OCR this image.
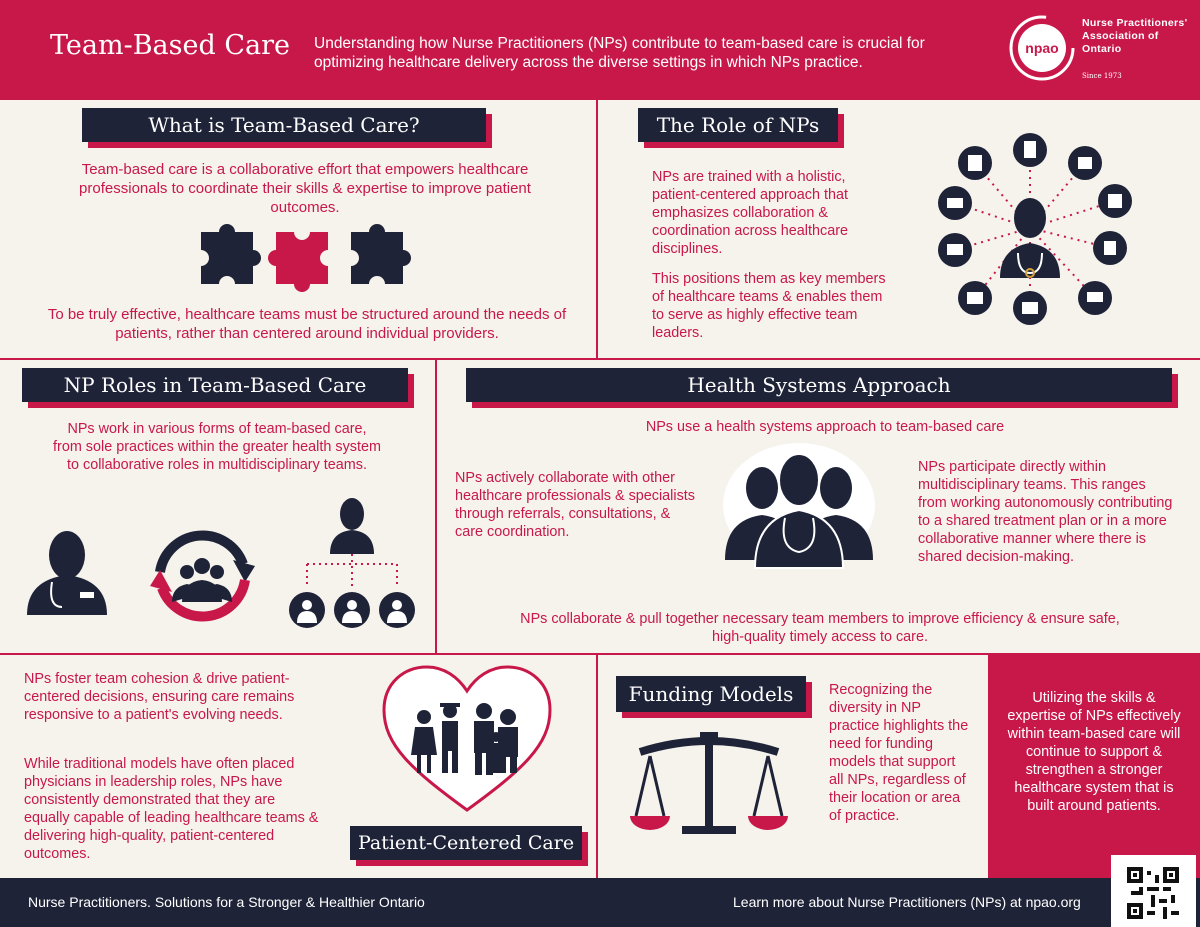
Team-Based Care Understanding how Nurse Practitioners (NPs) contribute to team-based care is crucial for optimizing healthcare delivery across the diverse settings in which NPs practice.
npao
Nurse Practitioners' Association of Ontario
Since 1973
What is Team-Based Care?
Team-based care is a collaborative effort that empowers healthcare professionals to coordinate their skills & expertise to improve patient outcomes.
To be truly effective, healthcare teams must be structured around the needs of patients, rather than centered around individual providers.
The Role of NPs
NPs are trained with a holistic, patient-centered approach that emphasizes collaboration & coordination across healthcare disciplines.
This positions them as key members of healthcare teams & enables them to serve as highly effective team leaders.
NP Roles in Team-Based Care
NPs work in various forms of team-based care, from sole practices within the greater health system to collaborative roles in multidisciplinary teams.
Health Systems Approach
NPs use a health systems approach to team-based care
NPs actively collaborate with other healthcare professionals & specialists through referrals, consultations, & care coordination.
NPs participate directly within multidisciplinary teams. This ranges from working autonomously contributing to a shared treatment plan or in a more collaborative manner where there is shared decision-making.
NPs collaborate & pull together necessary team members to improve efficiency & ensure safe, high-quality timely access to care.
NPs foster team cohesion & drive patient-centered decisions, ensuring care remains responsive to a patient's evolving needs.
While traditional models have often placed physicians in leadership roles, NPs have consistently demonstrated that they are equally capable of leading healthcare teams & delivering high-quality, patient-centered outcomes.	Patient-Centered Care
Funding Models	Recognizing the diversity in NP practice highlights the need for funding models that support all NPs, regardless of their location or area of practice.
Utilizing the skills & expertise of NPs effectively within team-based care will continue to support & strengthen a stronger healthcare system that is built around patients.
Nurse Practitioners. Solutions for a Stronger & Healthier Ontario	Learn more about Nurse Practitioners (NPs) at npao.org
